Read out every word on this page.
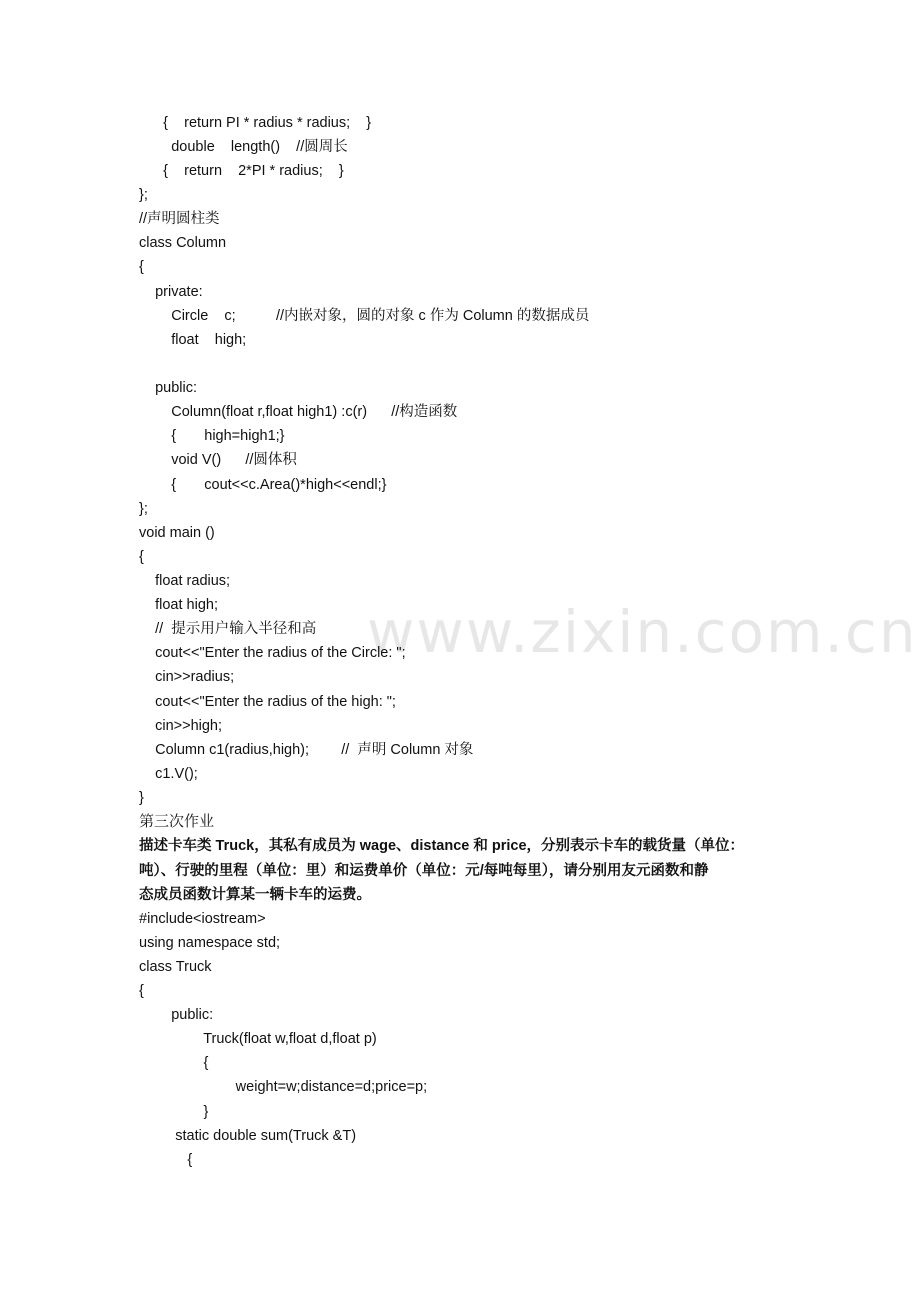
{    return PI * radius * radius;    }
double    length()    //圆周长
{    return    2*PI * radius;    }
};
//声明圆柱类
class Column
{
private:
Circle    c;          //内嵌对象，圆的对象 c 作为 Column 的数据成员
float    high;
public:
Column(float r,float high1) :c(r)      //构造函数
{       high=high1;}
void V()      //圆体积
{       cout<<c.Area()*high<<endl;}
};
void main ()
{
float radius;
float high;
//  提示用户输入半径和高
cout<<"Enter the radius of the Circle: ";
cin>>radius;
cout<<"Enter the radius of the high: ";
cin>>high;
Column c1(radius,high);        //  声明 Column 对象
c1.V();
}
第三次作业
描述卡车类 Truck，其私有成员为 wage、distance 和 price，分别表示卡车的载货量（单位：
吨）、行驶的里程（单位：里）和运费单价（单位：元/每吨每里），请分别用友元函数和静
态成员函数计算某一辆卡车的运费。
#include<iostream>
using namespace std;
class Truck
{
public:
Truck(float w,float d,float p)
{
weight=w;distance=d;price=p;
}
static double sum(Truck &T)
{
www.zixin.com.cn
